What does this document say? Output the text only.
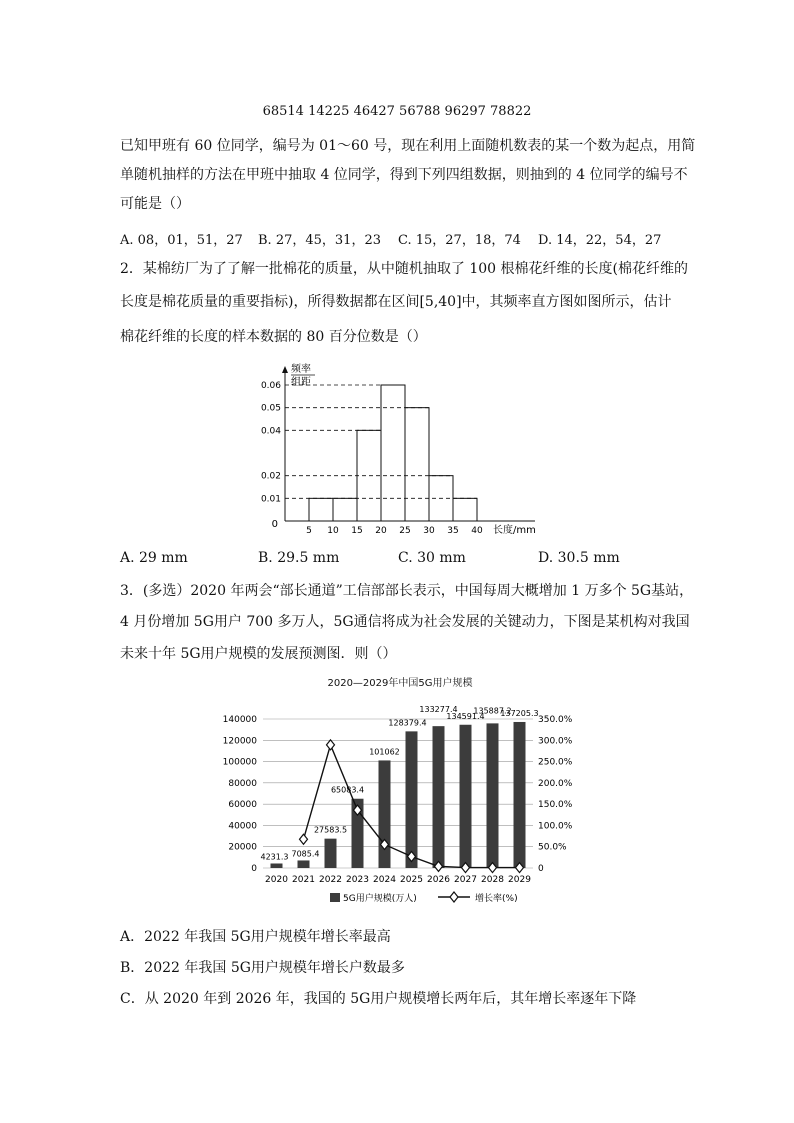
68514 14225 46427 56788 96297 78822
已知甲班有 60 位同学，编号为 01～60 号，现在利用上面随机数表的某一个数为起点，用简
单随机抽样的方法在甲班中抽取 4 位同学，得到下列四组数据，则抽到的 4 位同学的编号不
可能是（）
A. 08，01，51，27 B. 27，45，31，23 C. 15，27，18，74 D. 14，22，54，27
2．某棉纺厂为了了解一批棉花的质量，从中随机抽取了 100 根棉花纤维的长度(棉花纤维的
长度是棉花质量的重要指标)，所得数据都在区间[5,40]中，其频率直方图如图所示，估计
棉花纤维的长度的样本数据的 80 百分位数是（）
频率
组距
长度/mm
0
5 10 15 20 25 30 35 40
0.01
0.02
0.04
0.05
0.06
A. 29 mm	B. 29.5 mm	C. 30 mm	D. 30.5 mm
3．(多选）2020 年两会“部长通道”工信部部长表示，中国每周大概增加 1 万多个 5G基站，
4 月份增加 5G用户 700 多万人，5G通信将成为社会发展的关键动力，下图是某机构对我国
未来十年 5G用户规模的发展预测图．则（）
2020—2029年中国5G用户规模
0
20000
40000
60000
80000
100000
120000
140000
0
50.0%
100.0%
150.0%
200.0%
250.0%
300.0%
350.0%
2020
4231.3
2021
7085.4
2022
27583.5
2023
65083.4
2024
101062
2025
128379.4
2026
133277.4
2027
134591.4
2028
135887.2
2029
137205.3
5G用户规模(万人)	增长率(%)
A．2022 年我国 5G用户规模年增长率最高
B．2022 年我国 5G用户规模年增长户数最多
C．从 2020 年到 2026 年，我国的 5G用户规模增长两年后，其年增长率逐年下降
